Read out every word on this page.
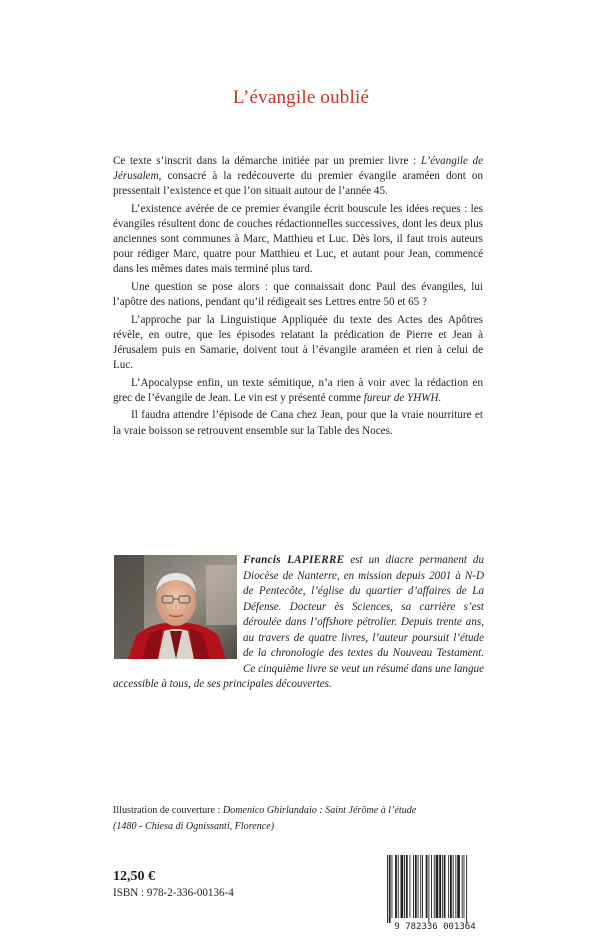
L’évangile oublié

Ce texte s’inscrit dans la démarche initiée par un premier livre : L’évangile de Jérusalem, consacré à la redécouverte du premier évangile araméen dont on pressentait l’existence et que l’on situait autour de l’année 45.

L’existence avérée de ce premier évangile écrit bouscule les idées reçues : les évangiles résultent donc de couches rédactionnelles successives, dont les deux plus anciennes sont communes à Marc, Matthieu et Luc. Dès lors, il faut trois auteurs pour rédiger Marc, quatre pour Matthieu et Luc, et autant pour Jean, commencé dans les mêmes dates mais terminé plus tard.

Une question se pose alors : que connaissait donc Paul des évangiles, lui l’apôtre des nations, pendant qu’il rédigeait ses Lettres entre 50 et 65 ?

L’approche par la Linguistique Appliquée du texte des Actes des Apôtres révèle, en outre, que les épisodes relatant la prédication de Pierre et Jean à Jérusalem puis en Samarie, doivent tout à l’évangile araméen et rien à celui de Luc.

L’Apocalypse enfin, un texte sémitique, n’a rien à voir avec la rédaction en grec de l’évangile de Jean. Le vin est y présenté comme fureur de YHWH.

Il faudra attendre l’épisode de Cana chez Jean, pour que la vraie nourriture et la vraie boisson se retrouvent ensemble sur la Table des Noces.

Francis LAPIERRE est un diacre permanent du Diocèse de Nanterre, en mission depuis 2001 à N-D de Pentecôte, l’église du quartier d’affaires de La Défense. Docteur ès Sciences, sa carrière s’est déroulée dans l’offshore pétrolier. Depuis trente ans, au travers de quatre livres, l’auteur poursuit l’étude de la chronologie des textes du Nouveau Testament. Ce cinquième livre se veut un résumé dans une langue accessible à tous, de ses principales découvertes.
Illustration de couverture : Domenico Ghirlandaio : Saint Jérôme à l’étude
(1480 - Chiesa di Ognissanti, Florence)
12,50 €
ISBN : 978-2-336-00136-4
9 782336 001364
